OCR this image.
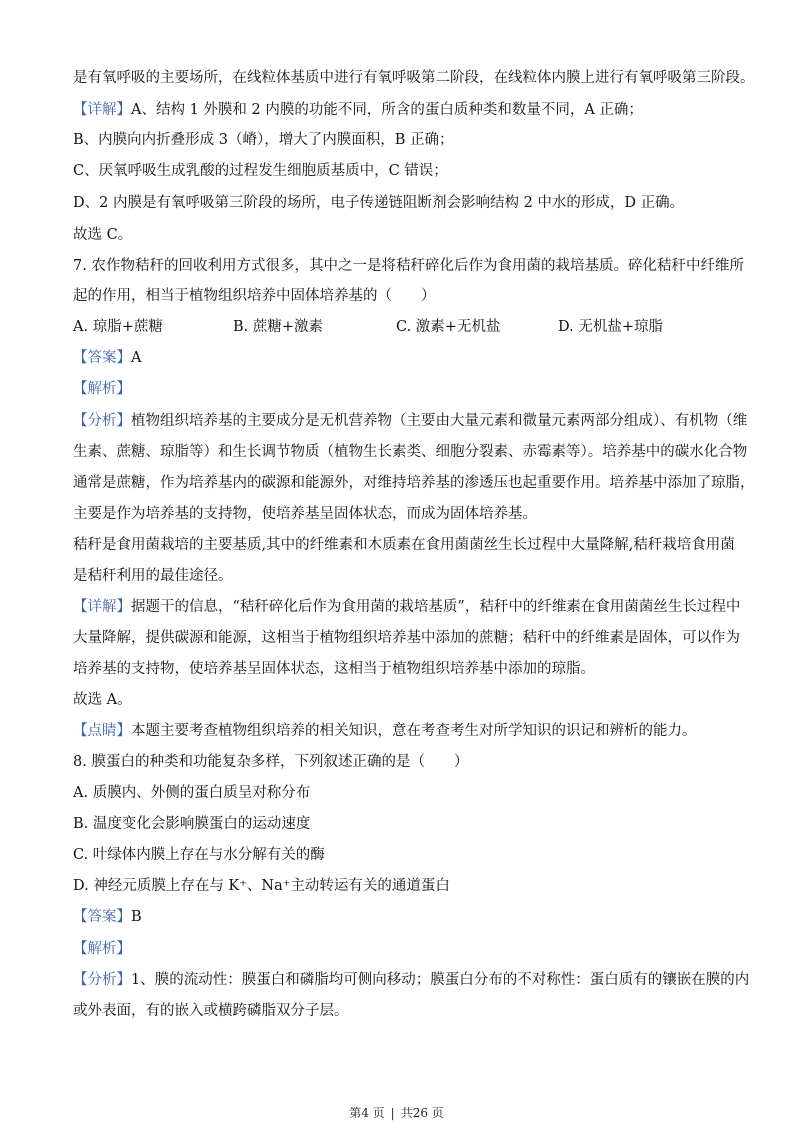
是有氧呼吸的主要场所，在线粒体基质中进行有氧呼吸第二阶段，在线粒体内膜上进行有氧呼吸第三阶段。
【详解】A、结构 1 外膜和 2 内膜的功能不同，所含的蛋白质种类和数量不同，A 正确；
B、内膜向内折叠形成 3（嵴），增大了内膜面积，B 正确；
C、厌氧呼吸生成乳酸的过程发生细胞质基质中，C 错误；
D、2 内膜是有氧呼吸第三阶段的场所，电子传递链阻断剂会影响结构 2 中水的形成，D 正确。
故选 C。
7. 农作物秸秆的回收利用方式很多，其中之一是将秸秆碎化后作为食用菌的栽培基质。碎化秸秆中纤维所
起的作用，相当于植物组织培养中固体培养基的（　　）
【答案】A
【解析】
【分析】植物组织培养基的主要成分是无机营养物（主要由大量元素和微量元素两部分组成）、有机物（维
生素、蔗糖、琼脂等）和生长调节物质（植物生长素类、细胞分裂素、赤霉素等）。培养基中的碳水化合物
通常是蔗糖，作为培养基内的碳源和能源外，对维持培养基的渗透压也起重要作用。培养基中添加了琼脂，
主要是作为培养基的支持物，使培养基呈固体状态，而成为固体培养基。
秸秆是食用菌栽培的主要基质,其中的纤维素和木质素在食用菌菌丝生长过程中大量降解,秸秆栽培食用菌
是秸秆利用的最佳途径。
【详解】据题干的信息，“秸秆碎化后作为食用菌的栽培基质”，秸秆中的纤维素在食用菌菌丝生长过程中
大量降解，提供碳源和能源，这相当于植物组织培养基中添加的蔗糖；秸秆中的纤维素是固体，可以作为
培养基的支持物，使培养基呈固体状态，这相当于植物组织培养基中添加的琼脂。
故选 A。
【点睛】本题主要考查植物组织培养的相关知识，意在考查考生对所学知识的识记和辨析的能力。
8. 膜蛋白的种类和功能复杂多样，下列叙述正确的是（　　）
A. 质膜内、外侧的蛋白质呈对称分布
B. 温度变化会影响膜蛋白的运动速度
C. 叶绿体内膜上存在与水分解有关的酶
D. 神经元质膜上存在与 K⁺、Na⁺主动转运有关的通道蛋白
【答案】B
【解析】
【分析】1、膜的流动性：膜蛋白和磷脂均可侧向移动；膜蛋白分布的不对称性：蛋白质有的镶嵌在膜的内
或外表面，有的嵌入或横跨磷脂双分子层。
A. 琼脂+蔗糖	B. 蔗糖+激素	C. 激素+无机盐	D. 无机盐+琼脂
第4 页 | 共26 页
